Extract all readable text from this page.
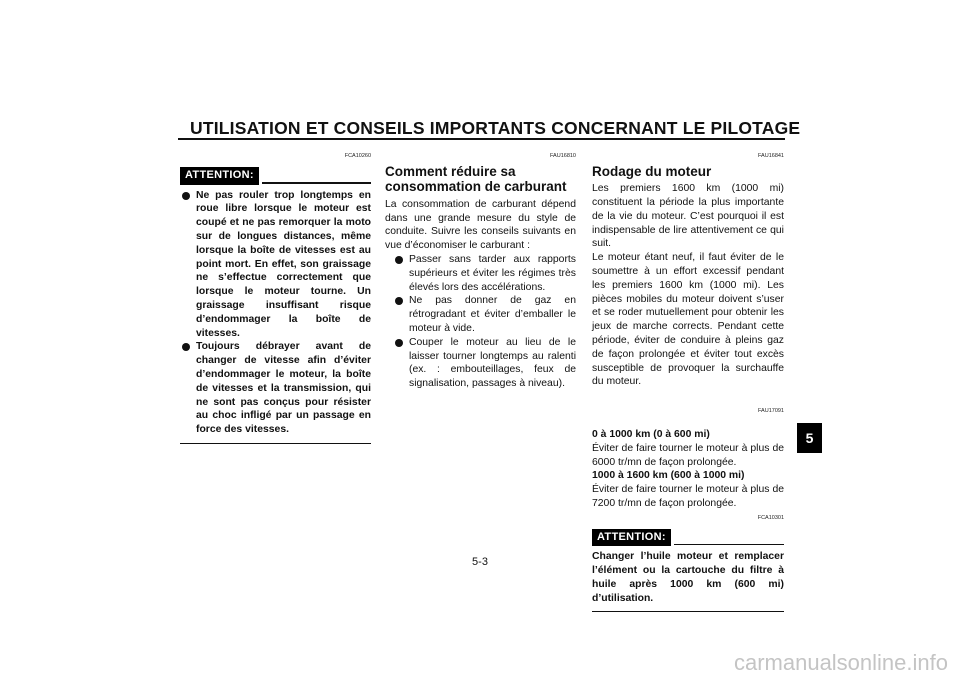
UTILISATION ET CONSEILS IMPORTANTS CONCERNANT LE PILOTAGE
5
FCA10260
ATTENTION:
Ne pas rouler trop longtemps en roue libre lorsque le moteur est coupé et ne pas remorquer la moto sur de longues distances, même lorsque la boîte de vitesses est au point mort. En effet, son graissage ne s’effectue correctement que lorsque le moteur tourne. Un graissage insuffisant risque d’endommager la boîte de vitesses.
Toujours débrayer avant de changer de vitesse afin d’éviter d’endommager le moteur, la boîte de vitesses et la transmission, qui ne sont pas conçus pour résister au choc infligé par un passage en force des vitesses.
FAU16810
Comment réduire sa consommation de carburant

La consommation de carburant dépend dans une grande mesure du style de conduite. Suivre les conseils suivants en vue d’économiser le carburant :

Passer sans tarder aux rapports supérieurs et éviter les régimes très élevés lors des accélérations.
Ne pas donner de gaz en rétrogradant et éviter d’emballer le moteur à vide.
Couper le moteur au lieu de le laisser tourner longtemps au ralenti (ex. : embouteillages, feux de signalisation, passages à niveau).
FAU16841
Rodage du moteur

Les premiers 1600 km (1000 mi) constituent la période la plus importante de la vie du moteur. C’est pourquoi il est indispensable de lire attentivement ce qui suit.

Le moteur étant neuf, il faut éviter de le soumettre à un effort excessif pendant les premiers 1600 km (1000 mi). Les pièces mobiles du moteur doivent s’user et se roder mutuellement pour obtenir les jeux de marche corrects. Pendant cette période, éviter de conduire à pleins gaz de façon prolongée et éviter tout excès susceptible de provoquer la surchauffe du moteur.

FAU17091

0 à 1000 km (0 à 600 mi)

Éviter de faire tourner le moteur à plus de 6000 tr/mn de façon prolongée.

1000 à 1600 km (600 à 1000 mi)

Éviter de faire tourner le moteur à plus de 7200 tr/mn de façon prolongée.

FCA10301
ATTENTION:

Changer l’huile moteur et remplacer l’élément ou la cartouche du filtre à huile après 1000 km (600 mi) d’utilisation.

5-3
carmanualsonline.info
